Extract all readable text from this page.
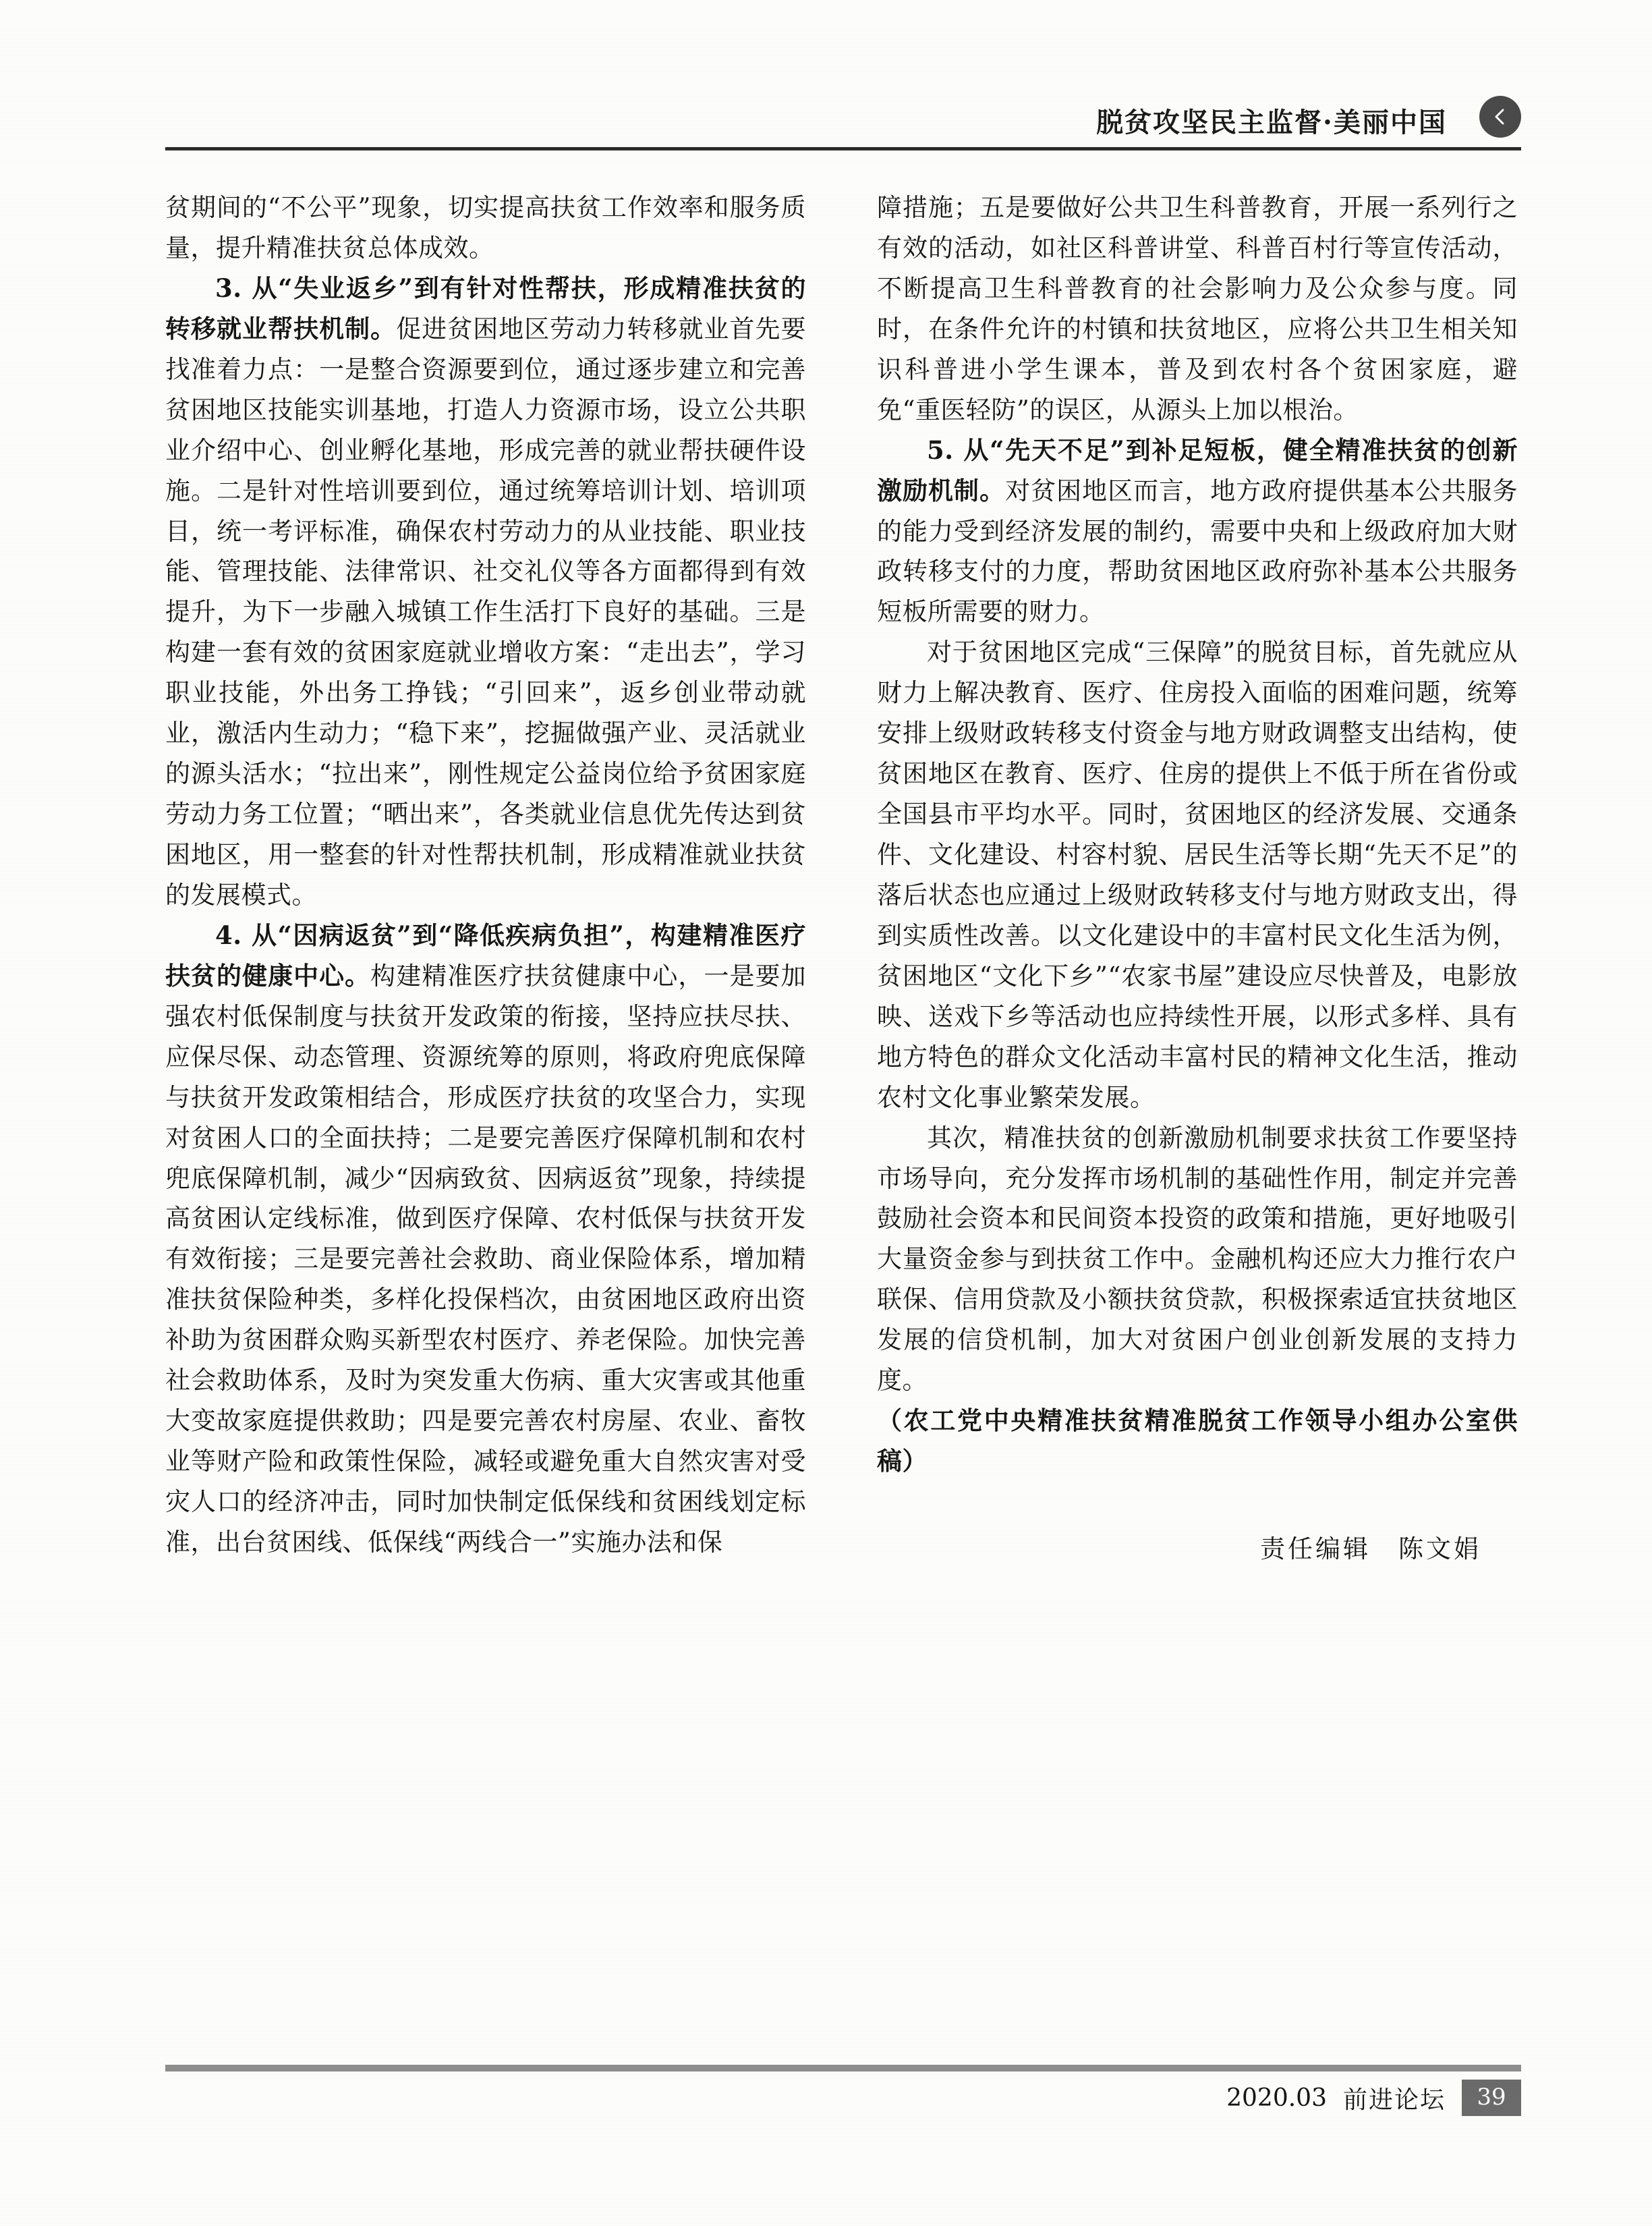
脱贫攻坚民主监督·美丽中国

贫期间的“不公平”现象，切实提高扶贫工作效率和服务质量，提升精准扶贫总体成效。

3. 从“失业返乡”到有针对性帮扶，形成精准扶贫的转移就业帮扶机制。促进贫困地区劳动力转移就业首先要找准着力点：一是整合资源要到位，通过逐步建立和完善贫困地区技能实训基地，打造人力资源市场，设立公共职业介绍中心、创业孵化基地，形成完善的就业帮扶硬件设施。二是针对性培训要到位，通过统筹培训计划、培训项目，统一考评标准，确保农村劳动力的从业技能、职业技能、管理技能、法律常识、社交礼仪等各方面都得到有效提升，为下一步融入城镇工作生活打下良好的基础。三是构建一套有效的贫困家庭就业增收方案：“走出去”，学习职业技能，外出务工挣钱；“引回来”，返乡创业带动就业，激活内生动力；“稳下来”，挖掘做强产业、灵活就业的源头活水；“拉出来”，刚性规定公益岗位给予贫困家庭劳动力务工位置；“晒出来”，各类就业信息优先传达到贫困地区，用一整套的针对性帮扶机制，形成精准就业扶贫的发展模式。

4. 从“因病返贫”到“降低疾病负担”，构建精准医疗扶贫的健康中心。构建精准医疗扶贫健康中心，一是要加强农村低保制度与扶贫开发政策的衔接，坚持应扶尽扶、应保尽保、动态管理、资源统筹的原则，将政府兜底保障与扶贫开发政策相结合，形成医疗扶贫的攻坚合力，实现对贫困人口的全面扶持；二是要完善医疗保障机制和农村兜底保障机制，减少“因病致贫、因病返贫”现象，持续提高贫困认定线标准，做到医疗保障、农村低保与扶贫开发有效衔接；三是要完善社会救助、商业保险体系，增加精准扶贫保险种类，多样化投保档次，由贫困地区政府出资补助为贫困群众购买新型农村医疗、养老保险。加快完善社会救助体系，及时为突发重大伤病、重大灾害或其他重大变故家庭提供救助；四是要完善农村房屋、农业、畜牧业等财产险和政策性保险，减轻或避免重大自然灾害对受灾人口的经济冲击，同时加快制定低保线和贫困线划定标准，出台贫困线、低保线“两线合一”实施办法和保

障措施；五是要做好公共卫生科普教育，开展一系列行之有效的活动，如社区科普讲堂、科普百村行等宣传活动，不断提高卫生科普教育的社会影响力及公众参与度。同时，在条件允许的村镇和扶贫地区，应将公共卫生相关知识科普进小学生课本，普及到农村各个贫困家庭，避免“重医轻防”的误区，从源头上加以根治。

5. 从“先天不足”到补足短板，健全精准扶贫的创新激励机制。对贫困地区而言，地方政府提供基本公共服务的能力受到经济发展的制约，需要中央和上级政府加大财政转移支付的力度，帮助贫困地区政府弥补基本公共服务短板所需要的财力。

对于贫困地区完成“三保障”的脱贫目标，首先就应从财力上解决教育、医疗、住房投入面临的困难问题，统筹安排上级财政转移支付资金与地方财政调整支出结构，使贫困地区在教育、医疗、住房的提供上不低于所在省份或全国县市平均水平。同时，贫困地区的经济发展、交通条件、文化建设、村容村貌、居民生活等长期“先天不足”的落后状态也应通过上级财政转移支付与地方财政支出，得到实质性改善。以文化建设中的丰富村民文化生活为例，贫困地区“文化下乡”“农家书屋”建设应尽快普及，电影放映、送戏下乡等活动也应持续性开展，以形式多样、具有地方特色的群众文化活动丰富村民的精神文化生活，推动农村文化事业繁荣发展。

其次，精准扶贫的创新激励机制要求扶贫工作要坚持市场导向，充分发挥市场机制的基础性作用，制定并完善鼓励社会资本和民间资本投资的政策和措施，更好地吸引大量资金参与到扶贫工作中。金融机构还应大力推行农户联保、信用贷款及小额扶贫贷款，积极探索适宜扶贫地区发展的信贷机制，加大对贫困户创业创新发展的支持力度。

（农工党中央精准扶贫精准脱贫工作领导小组办公室供稿）

责任编辑　陈文娟
2020.03 前进论坛	39
